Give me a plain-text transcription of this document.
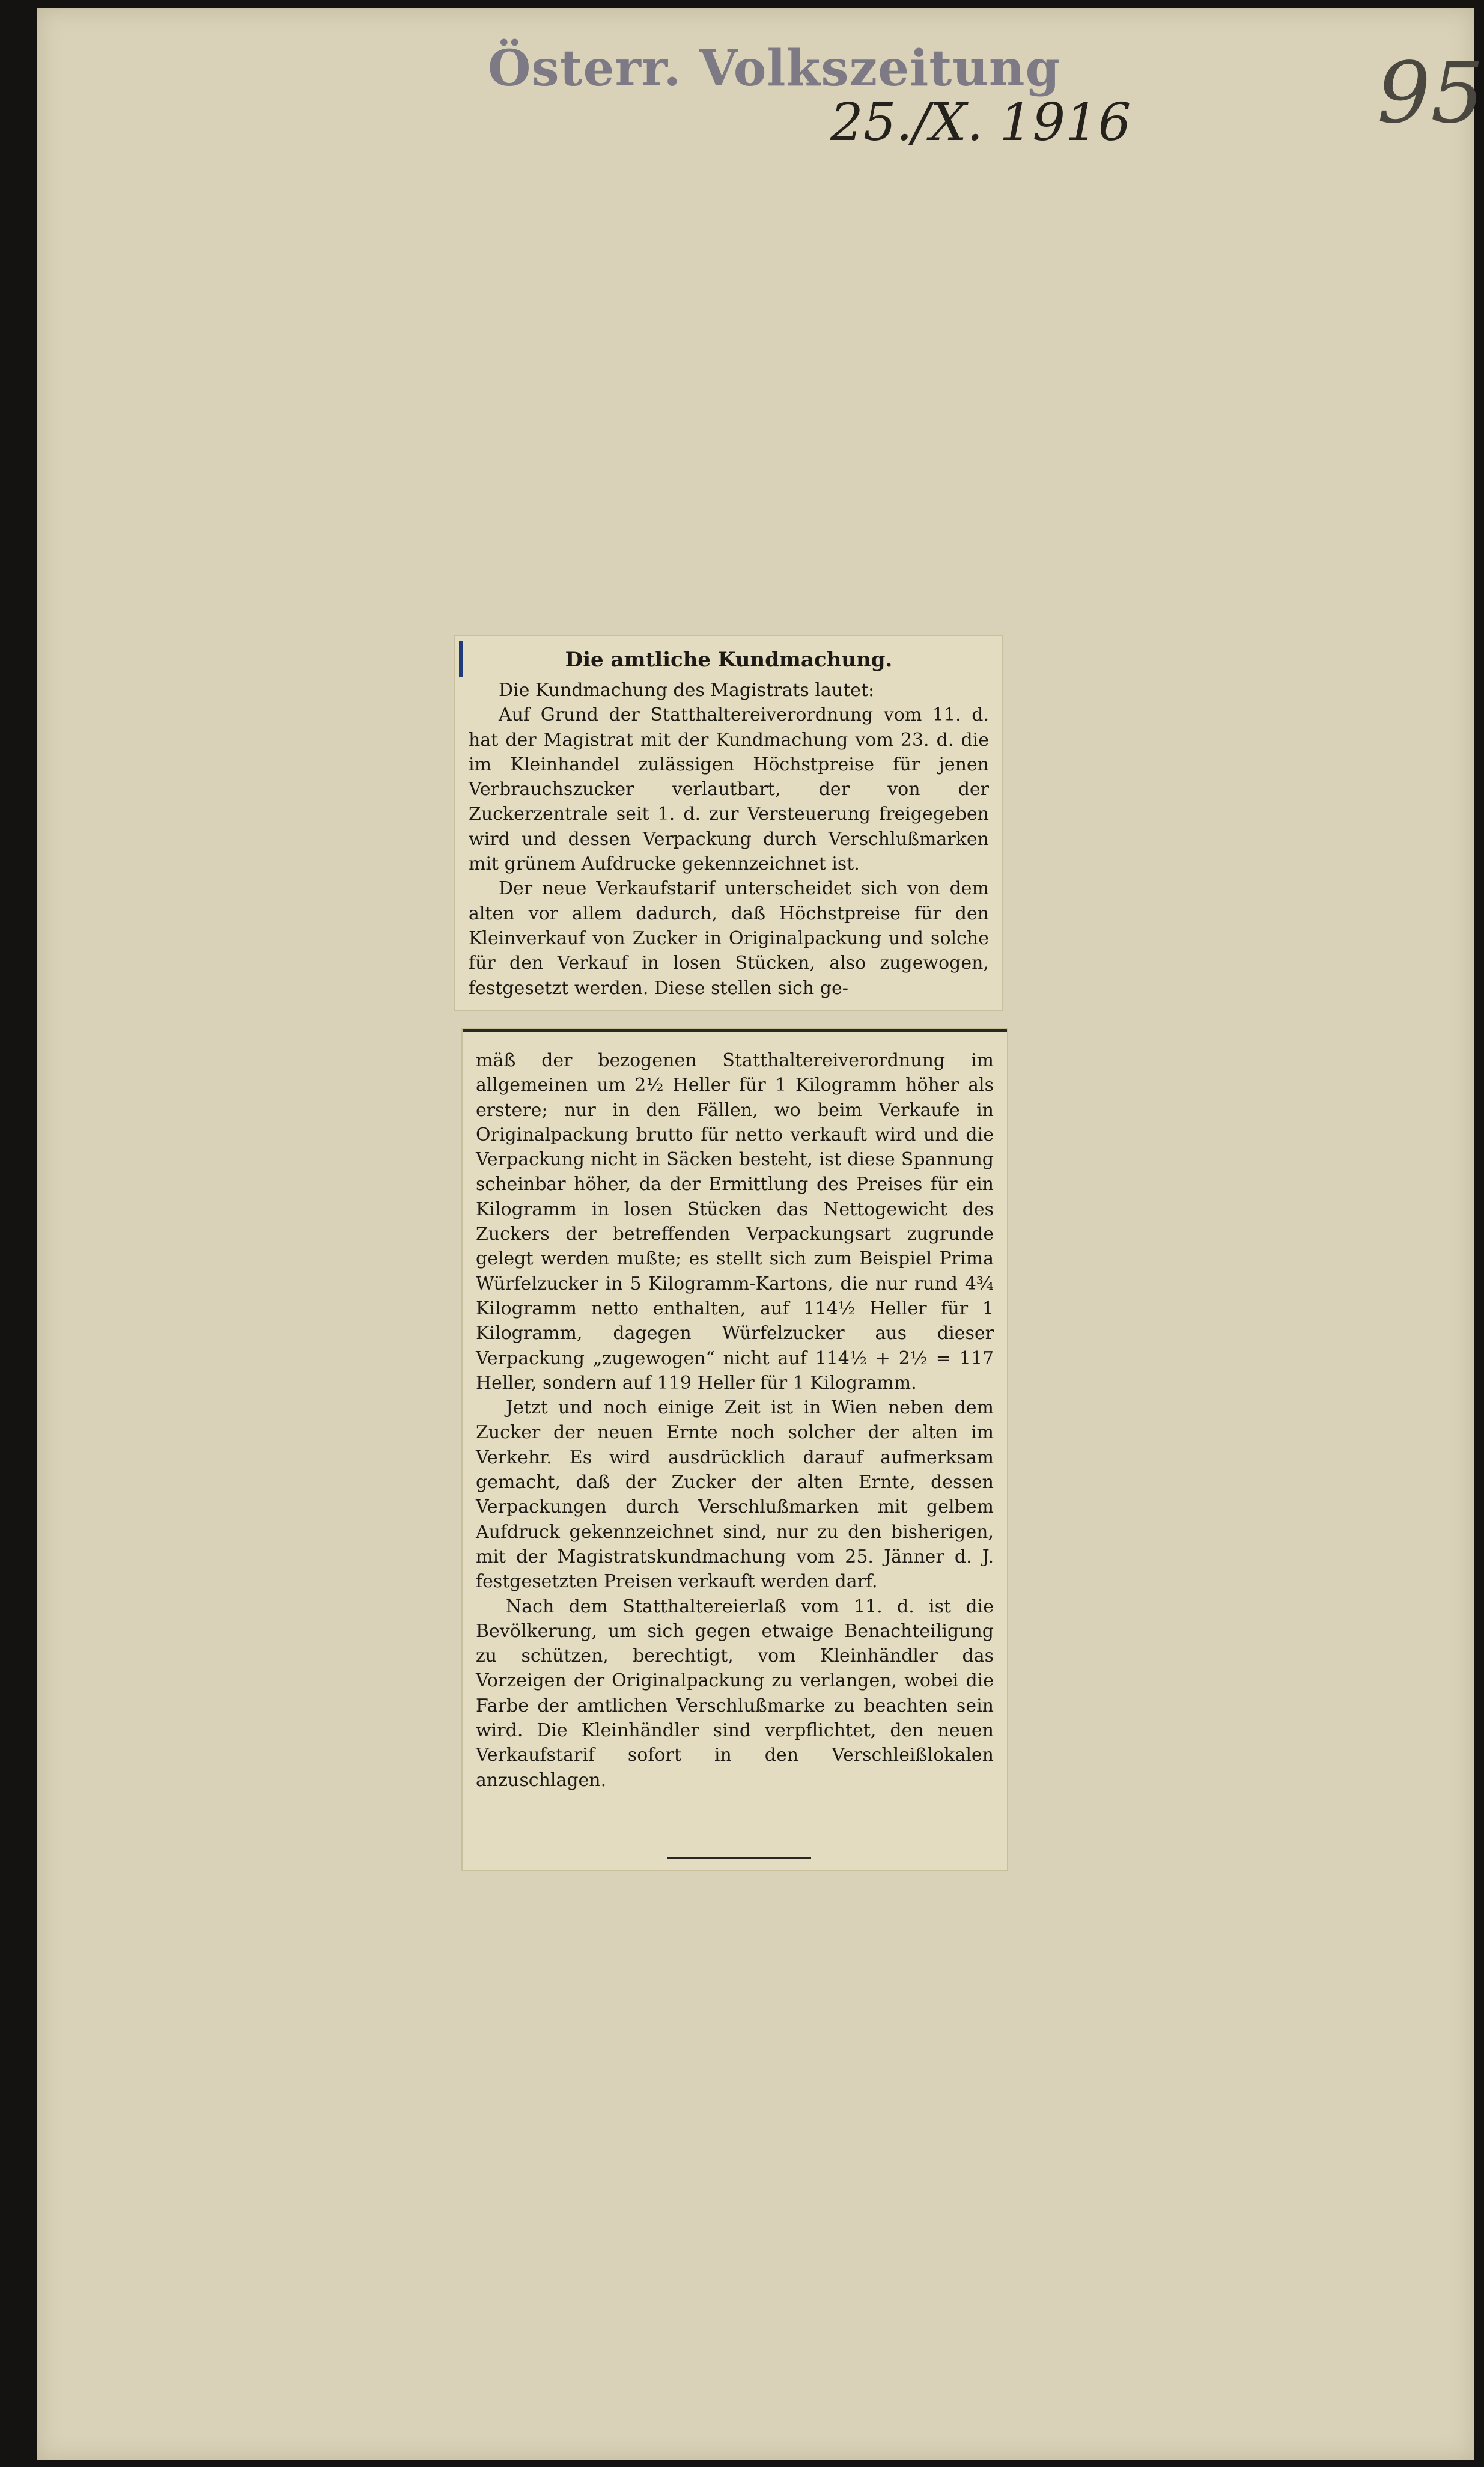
Österr. Volkszeitung
25./X. 1916	95
Die amtliche Kundmachung.
Die Kundmachung des Magistrats lautet:
Auf Grund der Statthaltereiverordnung vom 11. d. hat der Magistrat mit der Kundmachung vom 23. d. die im Kleinhandel zulässigen Höchstpreise für jenen Verbrauchszucker verlautbart, der von der Zuckerzentrale seit 1. d. zur Versteuerung freigegeben wird und dessen Verpackung durch Verschlußmarken mit grünem Aufdrucke gekennzeichnet ist.
Der neue Verkaufstarif unterscheidet sich von dem alten vor allem dadurch, daß Höchstpreise für den Kleinverkauf von Zucker in Originalpackung und solche für den Verkauf in losen Stücken, also zugewogen, festgesetzt werden. Diese stellen sich ge-
mäß der bezogenen Statthaltereiverordnung im allgemeinen um 2½ Heller für 1 Kilogramm höher als erstere; nur in den Fällen, wo beim Verkaufe in Originalpackung brutto für netto verkauft wird und die Verpackung nicht in Säcken besteht, ist diese Spannung scheinbar höher, da der Ermittlung des Preises für ein Kilogramm in losen Stücken das Nettogewicht des Zuckers der betreffenden Verpackungsart zugrunde gelegt werden mußte; es stellt sich zum Beispiel Prima Würfelzucker in 5 Kilogramm-Kartons, die nur rund 4¾ Kilogramm netto enthalten, auf 114½ Heller für 1 Kilogramm, dagegen Würfelzucker aus dieser Verpackung „zugewogen“ nicht auf 114½ + 2½ = 117 Heller, sondern auf 119 Heller für 1 Kilogramm.
Jetzt und noch einige Zeit ist in Wien neben dem Zucker der neuen Ernte noch solcher der alten im Verkehr. Es wird ausdrücklich darauf aufmerksam gemacht, daß der Zucker der alten Ernte, dessen Verpackungen durch Verschlußmarken mit gelbem Aufdruck gekennzeichnet sind, nur zu den bisherigen, mit der Magistratskundmachung vom 25. Jänner d. J. festgesetzten Preisen verkauft werden darf.
Nach dem Statthaltereierlaß vom 11. d. ist die Bevölkerung, um sich gegen etwaige Benachteiligung zu schützen, berechtigt, vom Kleinhändler das Vorzeigen der Originalpackung zu verlangen, wobei die Farbe der amtlichen Verschlußmarke zu beachten sein wird. Die Kleinhändler sind verpflichtet, den neuen Verkaufstarif sofort in den Verschleißlokalen anzuschlagen.
